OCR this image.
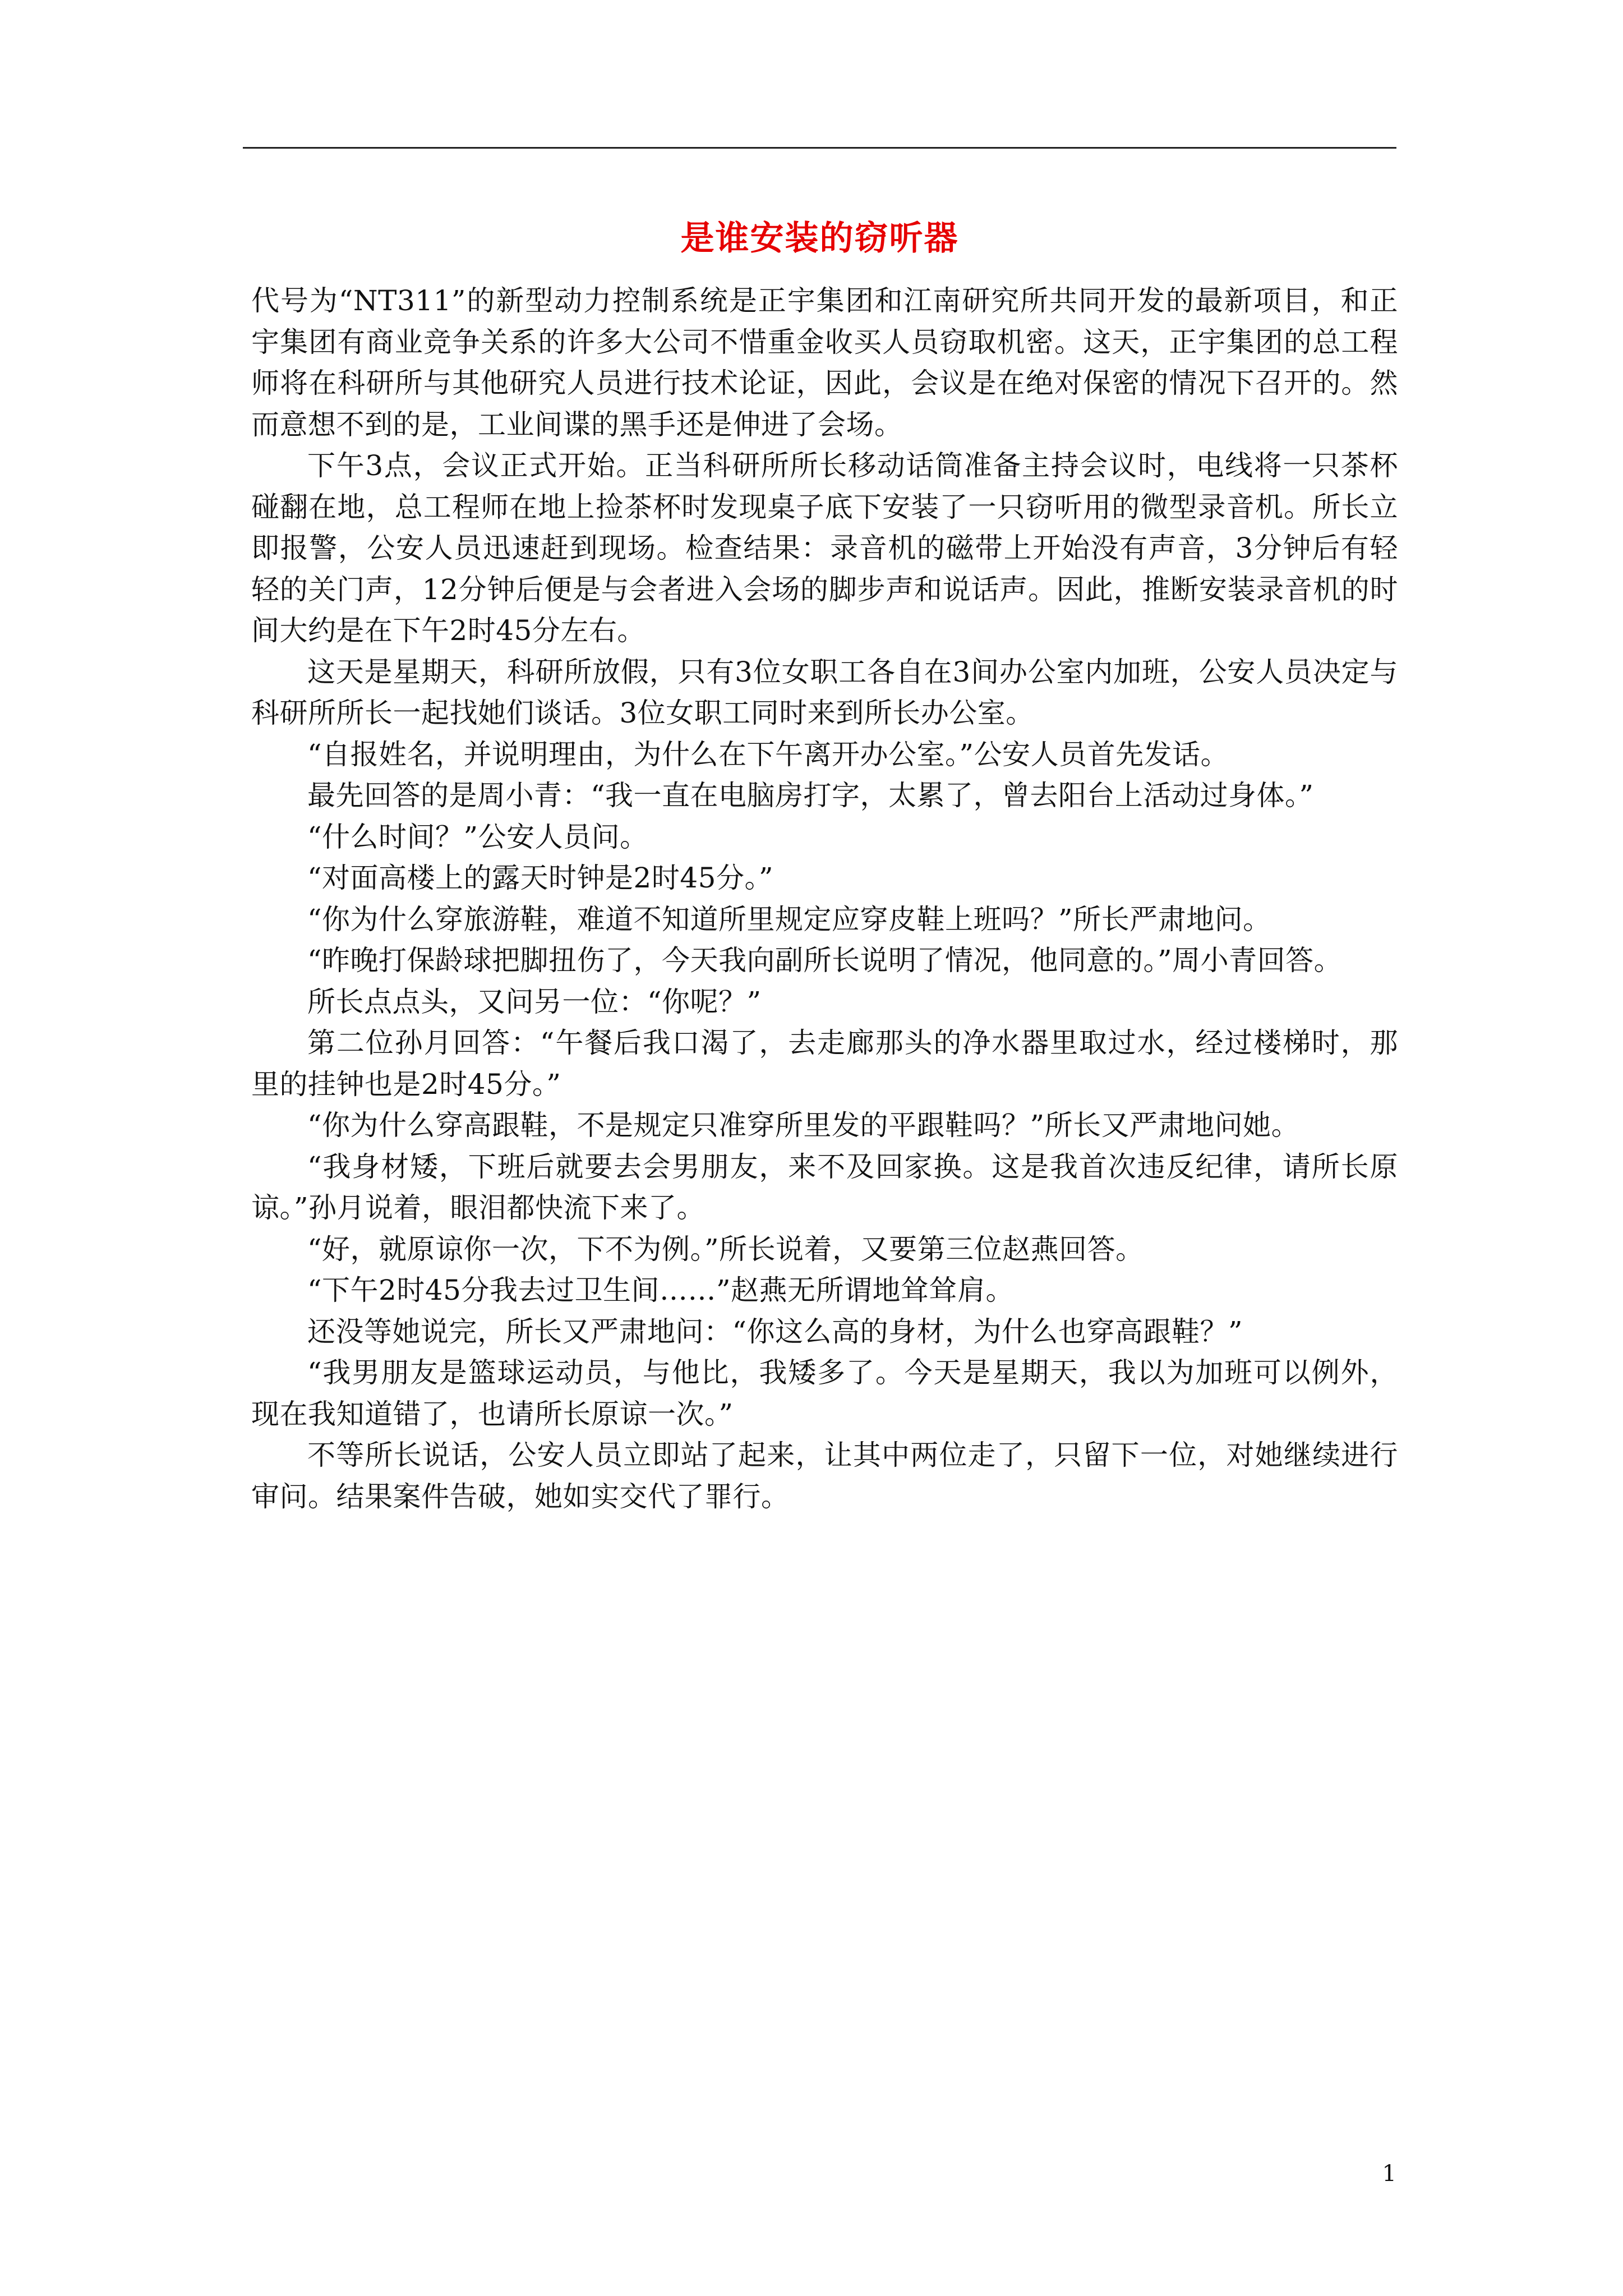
是谁安装的窃听器

代号为“NT311”的新型动力控制系统是正宇集团和江南研究所共同开发的最新项目，和正宇集团有商业竞争关系的许多大公司不惜重金收买人员窃取机密。这天，正宇集团的总工程师将在科研所与其他研究人员进行技术论证，因此，会议是在绝对保密的情况下召开的。然而意想不到的是，工业间谍的黑手还是伸进了会场。

下午3点，会议正式开始。正当科研所所长移动话筒准备主持会议时，电线将一只茶杯碰翻在地，总工程师在地上捡茶杯时发现桌子底下安装了一只窃听用的微型录音机。所长立即报警，公安人员迅速赶到现场。检查结果：录音机的磁带上开始没有声音，3分钟后有轻轻的关门声，12分钟后便是与会者进入会场的脚步声和说话声。因此，推断安装录音机的时间大约是在下午2时45分左右。

这天是星期天，科研所放假，只有3位女职工各自在3间办公室内加班，公安人员决定与科研所所长一起找她们谈话。3位女职工同时来到所长办公室。

“自报姓名，并说明理由，为什么在下午离开办公室。”公安人员首先发话。

最先回答的是周小青：“我一直在电脑房打字，太累了，曾去阳台上活动过身体。”

“什么时间？”公安人员问。

“对面高楼上的露天时钟是2时45分。”

“你为什么穿旅游鞋，难道不知道所里规定应穿皮鞋上班吗？”所长严肃地问。

“昨晚打保龄球把脚扭伤了，今天我向副所长说明了情况，他同意的。”周小青回答。

所长点点头，又问另一位：“你呢？”

第二位孙月回答：“午餐后我口渴了，去走廊那头的净水器里取过水，经过楼梯时，那里的挂钟也是2时45分。”

“你为什么穿高跟鞋，不是规定只准穿所里发的平跟鞋吗？”所长又严肃地问她。

“我身材矮，下班后就要去会男朋友，来不及回家换。这是我首次违反纪律，请所长原谅。”孙月说着，眼泪都快流下来了。

“好，就原谅你一次，下不为例。”所长说着，又要第三位赵燕回答。

“下午2时45分我去过卫生间……”赵燕无所谓地耸耸肩。

还没等她说完，所长又严肃地问：“你这么高的身材，为什么也穿高跟鞋？”

“我男朋友是篮球运动员，与他比，我矮多了。今天是星期天，我以为加班可以例外，现在我知道错了，也请所长原谅一次。”

不等所长说话，公安人员立即站了起来，让其中两位走了，只留下一位，对她继续进行审问。结果案件告破，她如实交代了罪行。

1
